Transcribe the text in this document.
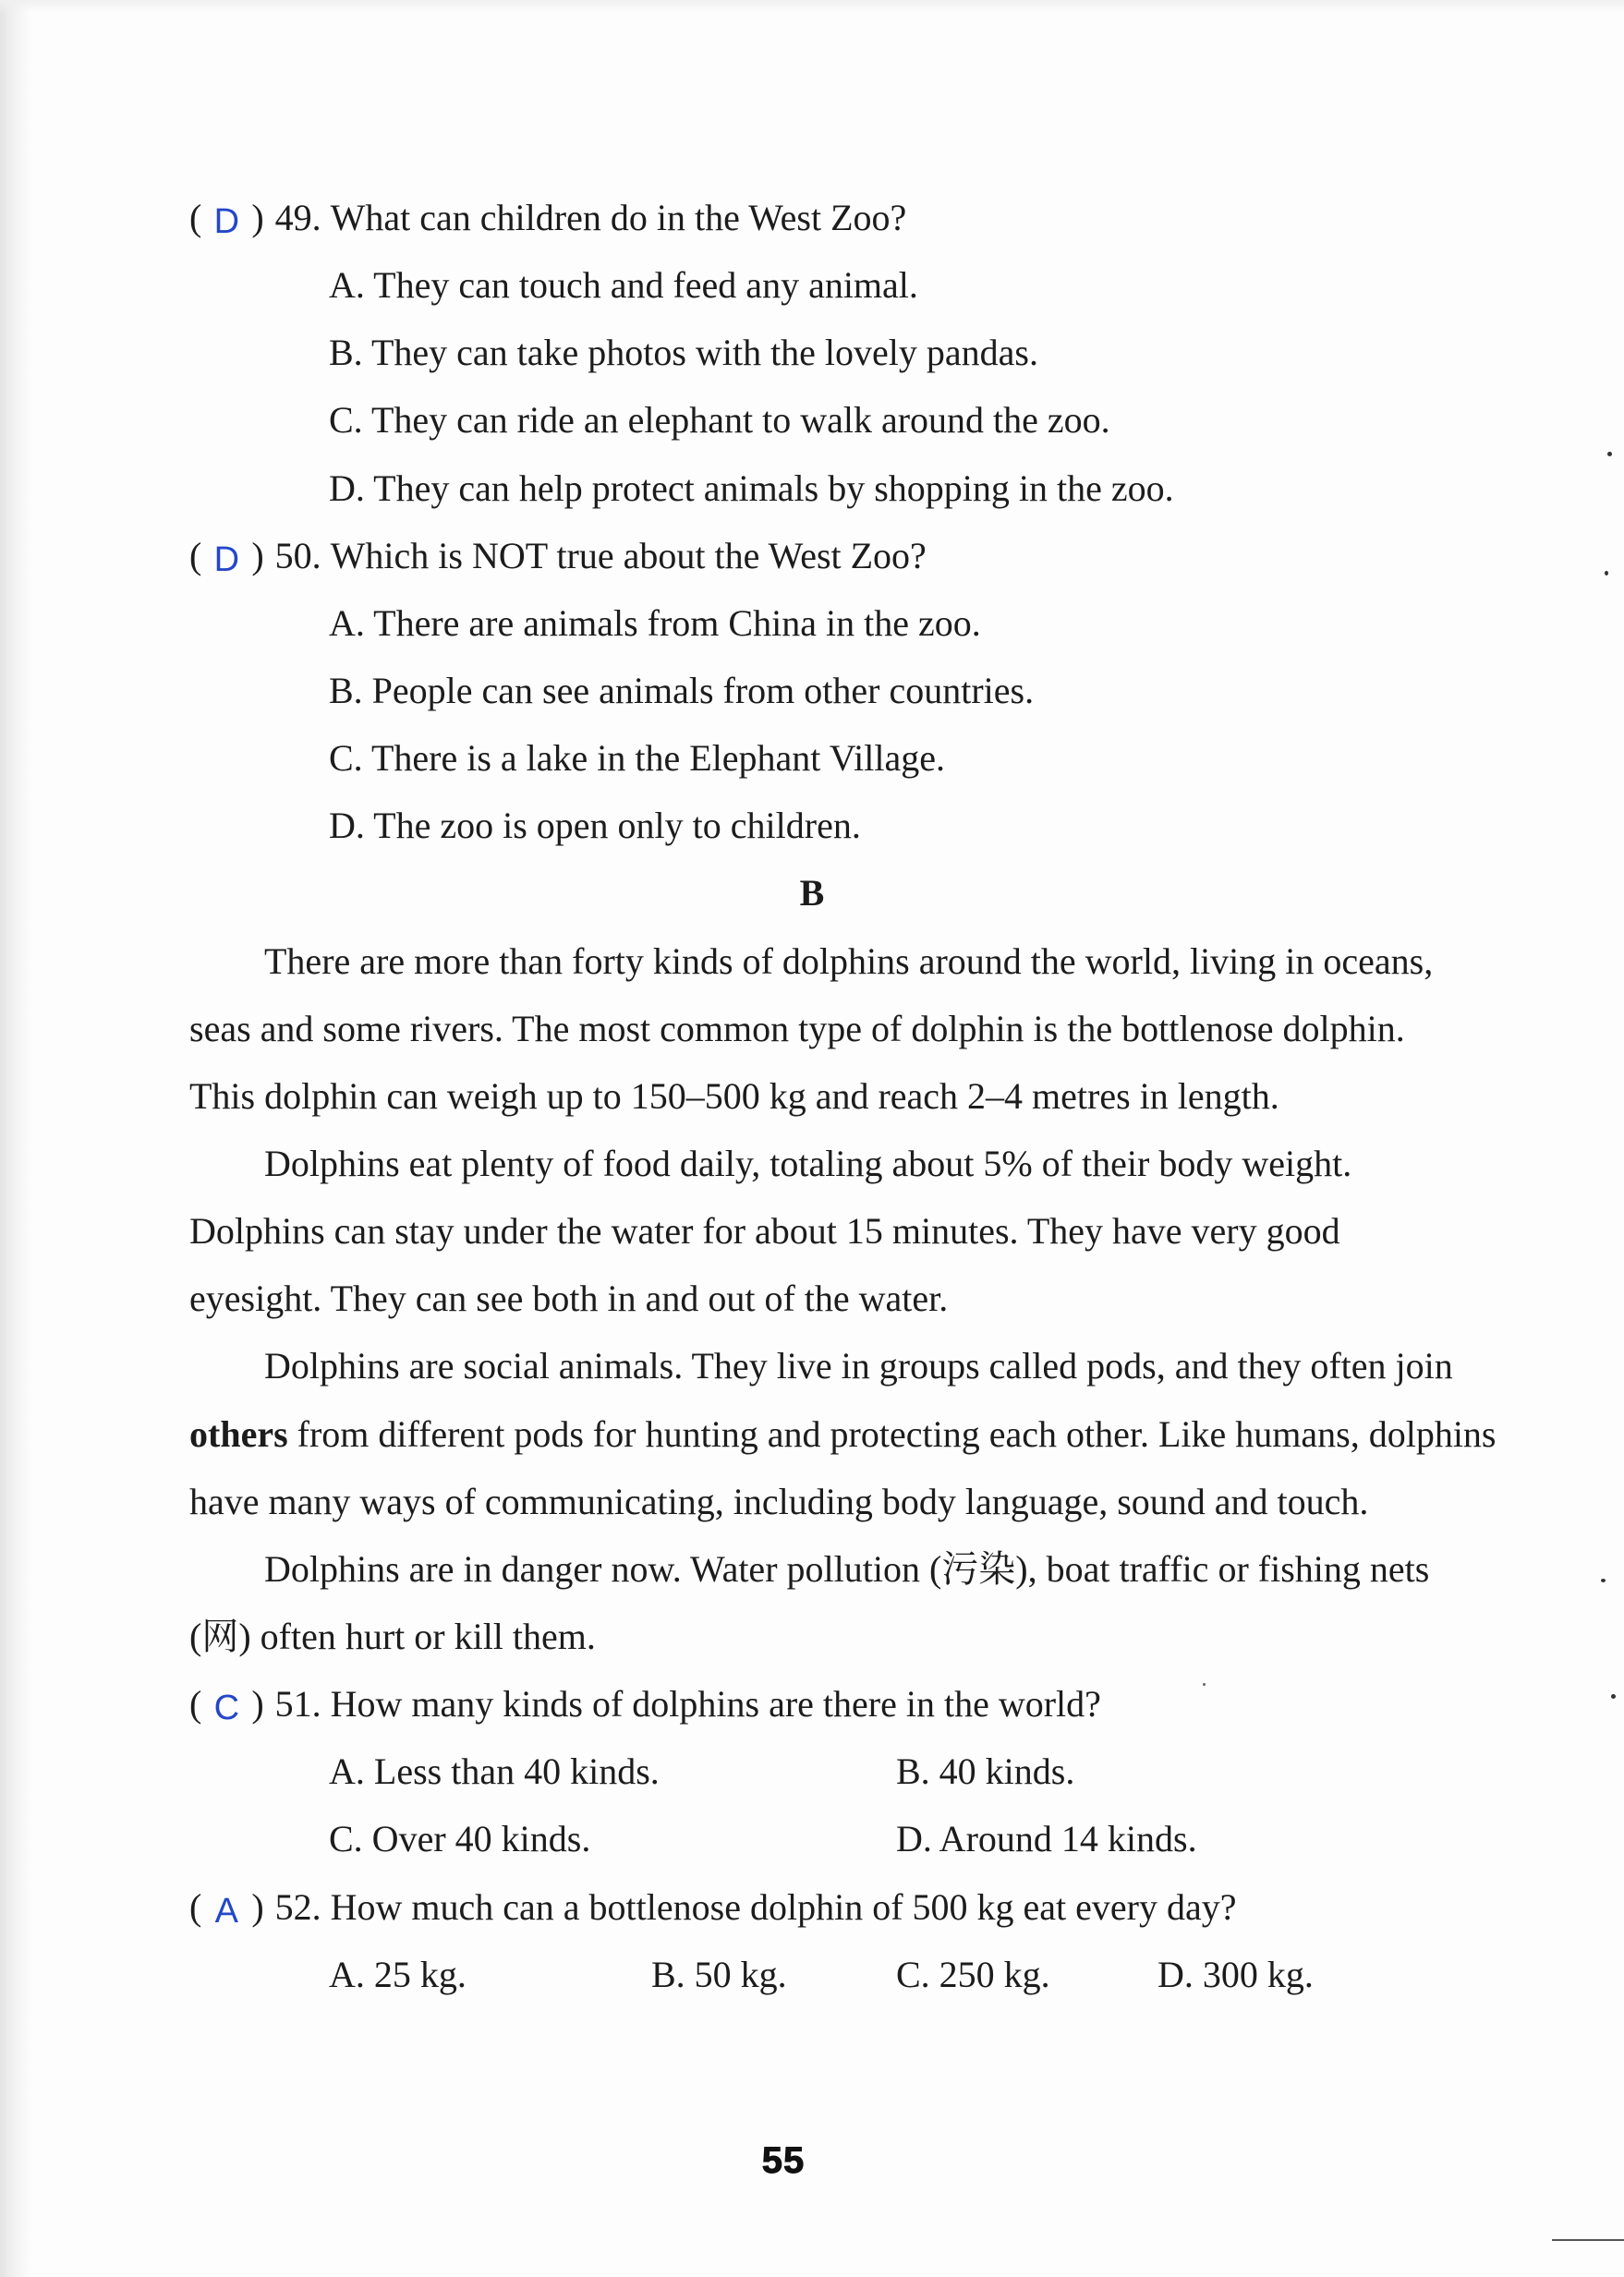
( D ) 49. What can children do in the West Zoo?
A. They can touch and feed any animal.
B. They can take photos with the lovely pandas.
C. They can ride an elephant to walk around the zoo.
D. They can help protect animals by shopping in the zoo.
( D ) 50. Which is NOT true about the West Zoo?
A. There are animals from China in the zoo.
B. People can see animals from other countries.
C. There is a lake in the Elephant Village.
D. The zoo is open only to children.
B
There are more than forty kinds of dolphins around the world, living in oceans,
seas and some rivers. The most common type of dolphin is the bottlenose dolphin.
This dolphin can weigh up to 150–500 kg and reach 2–4 metres in length.
Dolphins eat plenty of food daily, totaling about 5% of their body weight.
Dolphins can stay under the water for about 15 minutes. They have very good
eyesight. They can see both in and out of the water.
Dolphins are social animals. They live in groups called pods, and they often join
others from different pods for hunting and protecting each other. Like humans, dolphins
have many ways of communicating, including body language, sound and touch.
Dolphins are in danger now. Water pollution (污染), boat traffic or fishing nets
(网) often hurt or kill them.
( C ) 51. How many kinds of dolphins are there in the world?
A. Less than 40 kinds.	B. 40 kinds.
C. Over 40 kinds.	D. Around 14 kinds.
( A ) 52. How much can a bottlenose dolphin of 500 kg eat every day?
A. 25 kg.	B. 50 kg.	C. 250 kg.	D. 300 kg.
55
